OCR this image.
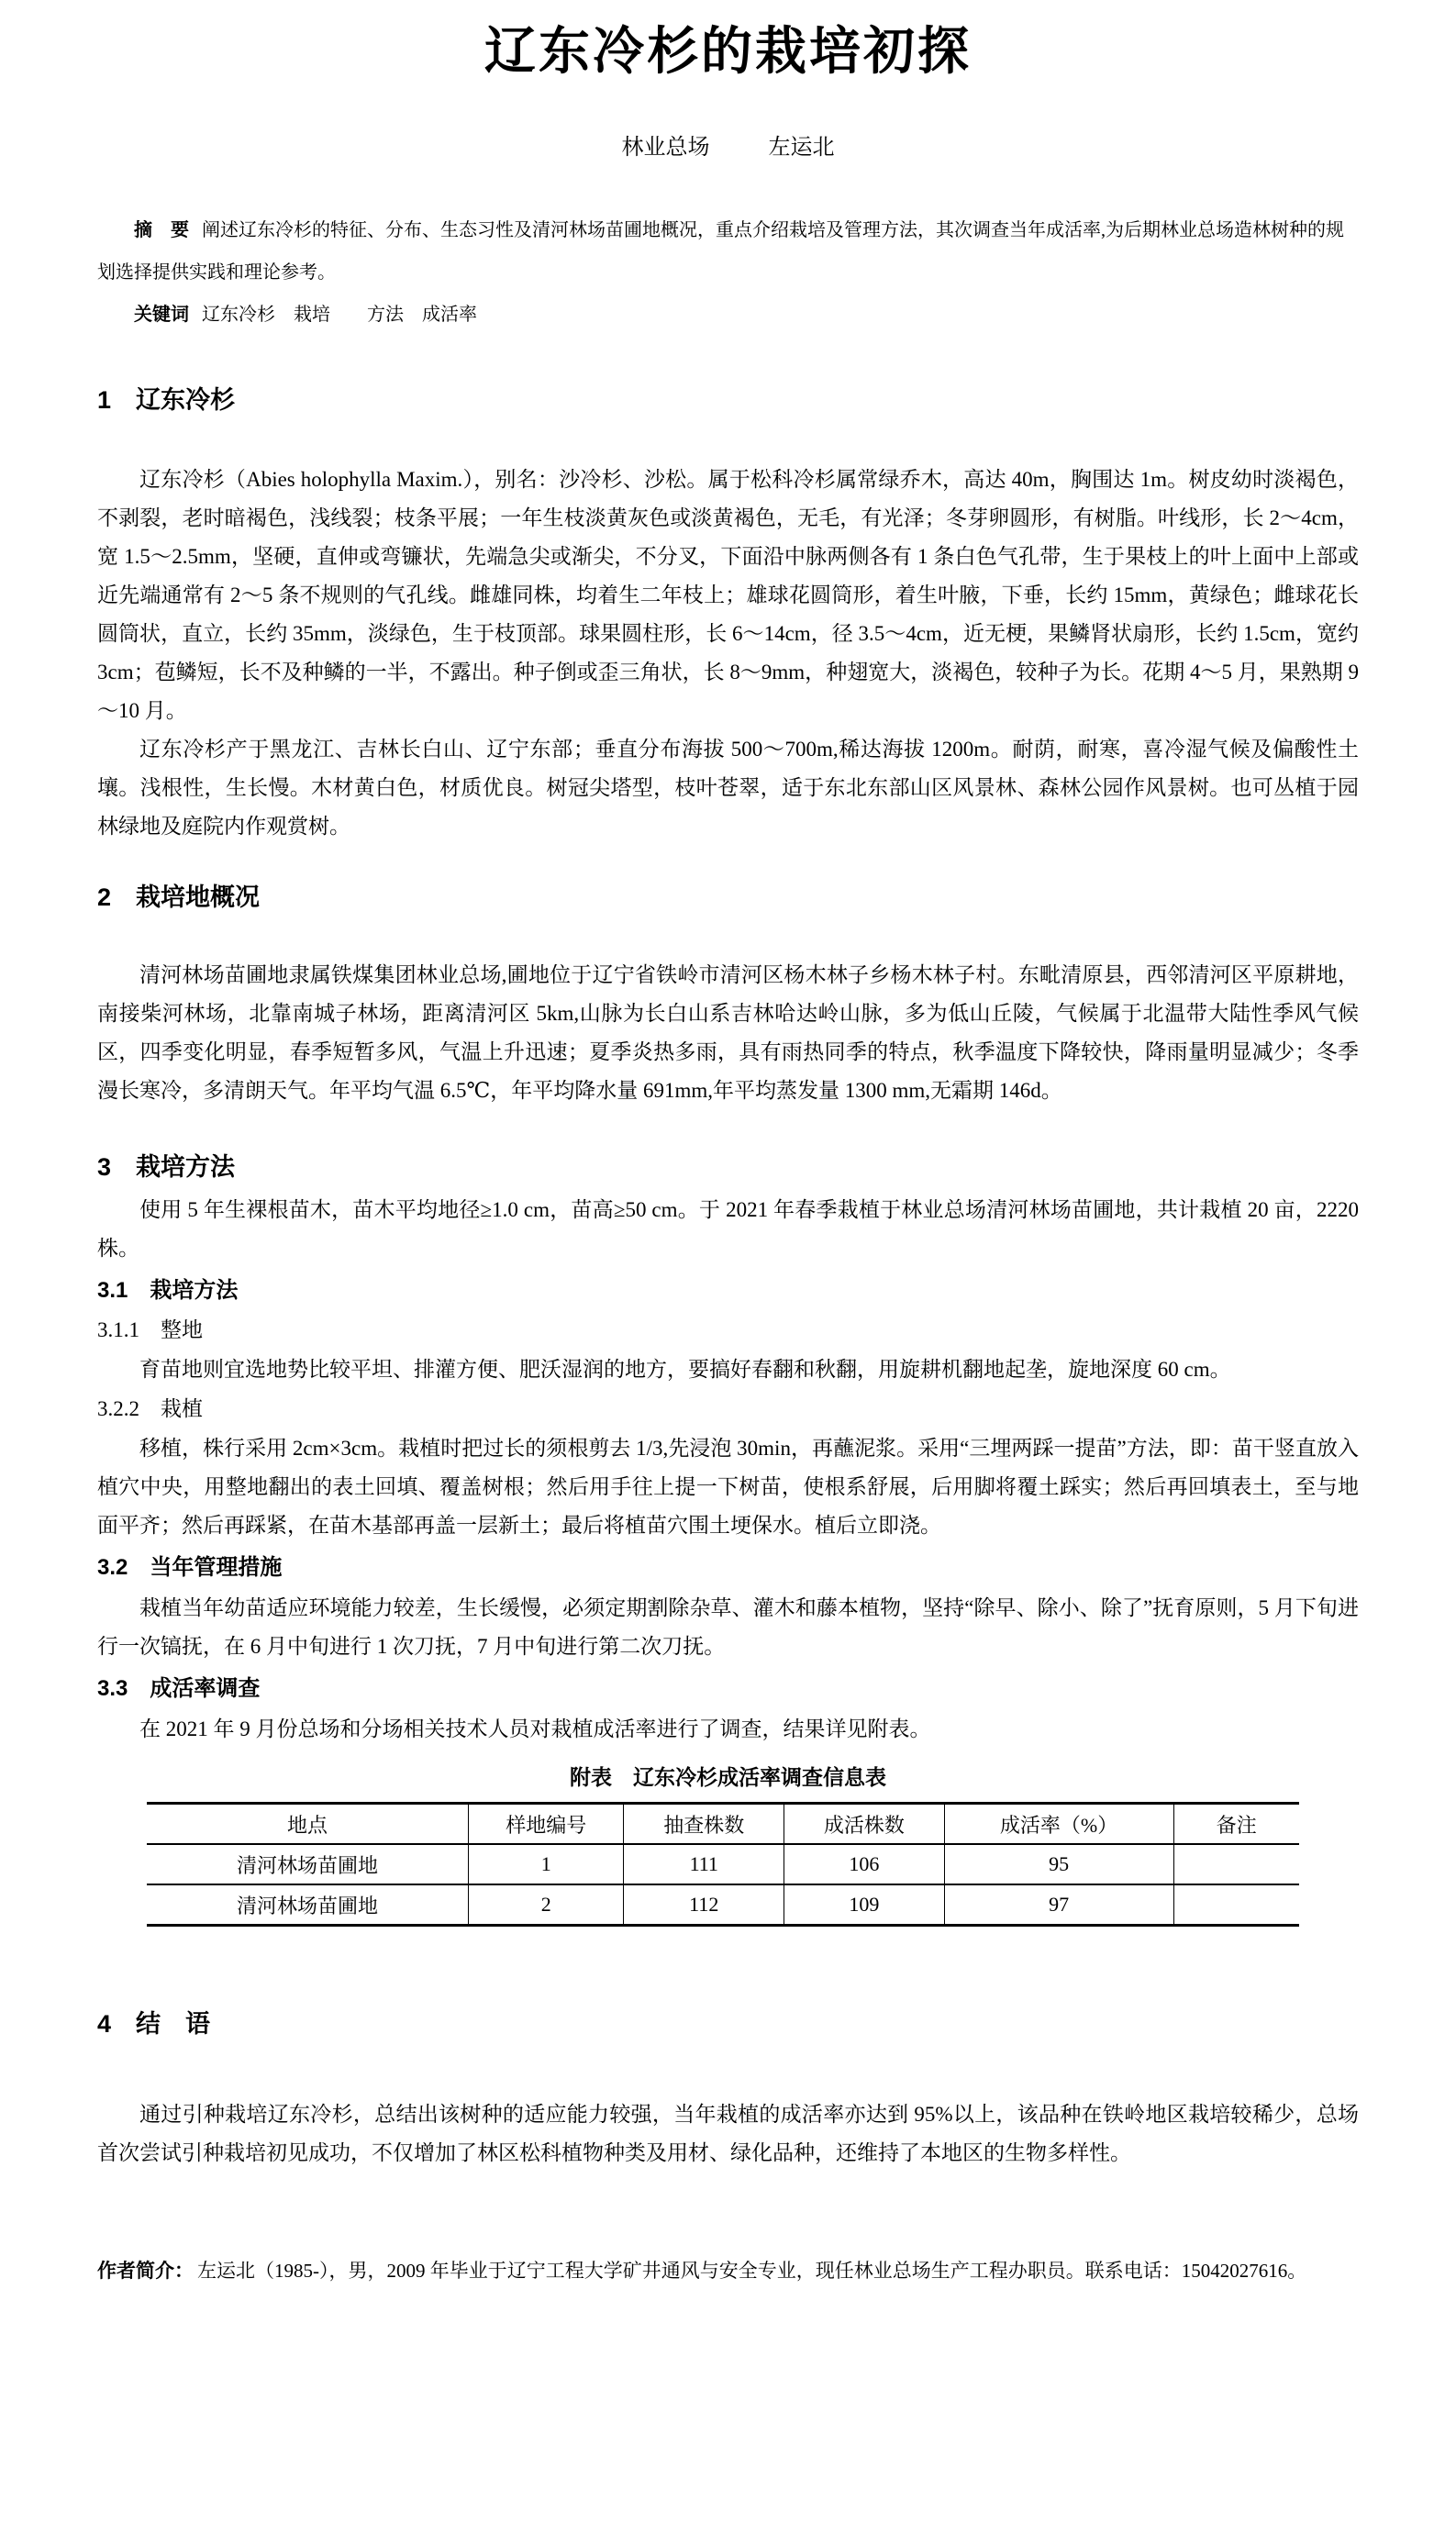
辽东冷杉的栽培初探
林业总场	左运北

摘　要 阐述辽东冷杉的特征、分布、生态习性及清河林场苗圃地概况，重点介绍栽培及管理方法，其次调查当年成活率,为后期林业总场造林树种的规划选择提供实践和理论参考。

关键词 辽东冷杉　栽培　　方法　成活率

1　辽东冷杉

辽东冷杉（Abies holophylla Maxim.），别名：沙冷杉、沙松。属于松科冷杉属常绿乔木，高达 40m，胸围达 1m。树皮幼时淡褐色，不剥裂，老时暗褐色，浅线裂；枝条平展；一年生枝淡黄灰色或淡黄褐色，无毛，有光泽；冬芽卵圆形，有树脂。叶线形，长 2～4cm，宽 1.5～2.5mm，坚硬，直伸或弯镰状，先端急尖或渐尖，不分叉，下面沿中脉两侧各有 1 条白色气孔带，生于果枝上的叶上面中上部或近先端通常有 2～5 条不规则的气孔线。雌雄同株，均着生二年枝上；雄球花圆筒形，着生叶腋，下垂，长约 15mm，黄绿色；雌球花长圆筒状，直立，长约 35mm，淡绿色，生于枝顶部。球果圆柱形，长 6～14cm，径 3.5～4cm，近无梗，果鳞肾状扇形，长约 1.5cm，宽约 3cm；苞鳞短，长不及种鳞的一半，不露出。种子倒或歪三角状，长 8～9mm，种翅宽大，淡褐色，较种子为长。花期 4～5 月，果熟期 9～10 月。

辽东冷杉产于黑龙江、吉林长白山、辽宁东部；垂直分布海拔 500～700m,稀达海拔 1200m。耐荫，耐寒，喜冷湿气候及偏酸性土壤。浅根性，生长慢。木材黄白色，材质优良。树冠尖塔型，枝叶苍翠，适于东北东部山区风景林、森林公园作风景树。也可丛植于园林绿地及庭院内作观赏树。

2　栽培地概况

清河林场苗圃地隶属铁煤集团林业总场,圃地位于辽宁省铁岭市清河区杨木林子乡杨木林子村。东毗清原县，西邻清河区平原耕地，南接柴河林场，北靠南城子林场，距离清河区 5km,山脉为长白山系吉林哈达岭山脉，多为低山丘陵，气候属于北温带大陆性季风气候区，四季变化明显，春季短暂多风，气温上升迅速；夏季炎热多雨，具有雨热同季的特点，秋季温度下降较快，降雨量明显减少；冬季漫长寒冷，多清朗天气。年平均气温 6.5℃，年平均降水量 691mm,年平均蒸发量 1300 mm,无霜期 146d。

3　栽培方法

使用 5 年生裸根苗木，苗木平均地径≥1.0 cm，苗高≥50 cm。于 2021 年春季栽植于林业总场清河林场苗圃地，共计栽植 20 亩，2220 株。

3.1　栽培方法
3.1.1　整地

育苗地则宜选地势比较平坦、排灌方便、肥沃湿润的地方，要搞好春翻和秋翻，用旋耕机翻地起垄，旋地深度 60 cm。

3.2.2　栽植

移植，株行采用 2cm×3cm。栽植时把过长的须根剪去 1/3,先浸泡 30min，再蘸泥浆。采用“三埋两踩一提苗”方法，即：苗干竖直放入植穴中央，用整地翻出的表土回填、覆盖树根；然后用手往上提一下树苗，使根系舒展，后用脚将覆土踩实；然后再回填表土，至与地面平齐；然后再踩紧，在苗木基部再盖一层新土；最后将植苗穴围土埂保水。植后立即浇。

3.2　当年管理措施

栽植当年幼苗适应环境能力较差，生长缓慢，必须定期割除杂草、灌木和藤本植物，坚持“除早、除小、除了”抚育原则，5 月下旬进行一次镐抚，在 6 月中旬进行 1 次刀抚，7 月中旬进行第二次刀抚。

3.3　成活率调查

在 2021 年 9 月份总场和分场相关技术人员对栽植成活率进行了调查，结果详见附表。

附表　辽东冷杉成活率调查信息表
地点	样地编号	抽查株数	成活株数	成活率（%）	备注
清河林场苗圃地	1	111	106	95	
清河林场苗圃地	2	112	109	97	
4　结　语

通过引种栽培辽东冷杉，总结出该树种的适应能力较强，当年栽植的成活率亦达到 95%以上，该品种在铁岭地区栽培较稀少，总场首次尝试引种栽培初见成功，不仅增加了林区松科植物种类及用材、绿化品种，还维持了本地区的生物多样性。

作者简介： 左运北（1985-），男，2009 年毕业于辽宁工程大学矿井通风与安全专业，现任林业总场生产工程办职员。联系电话：15042027616。
